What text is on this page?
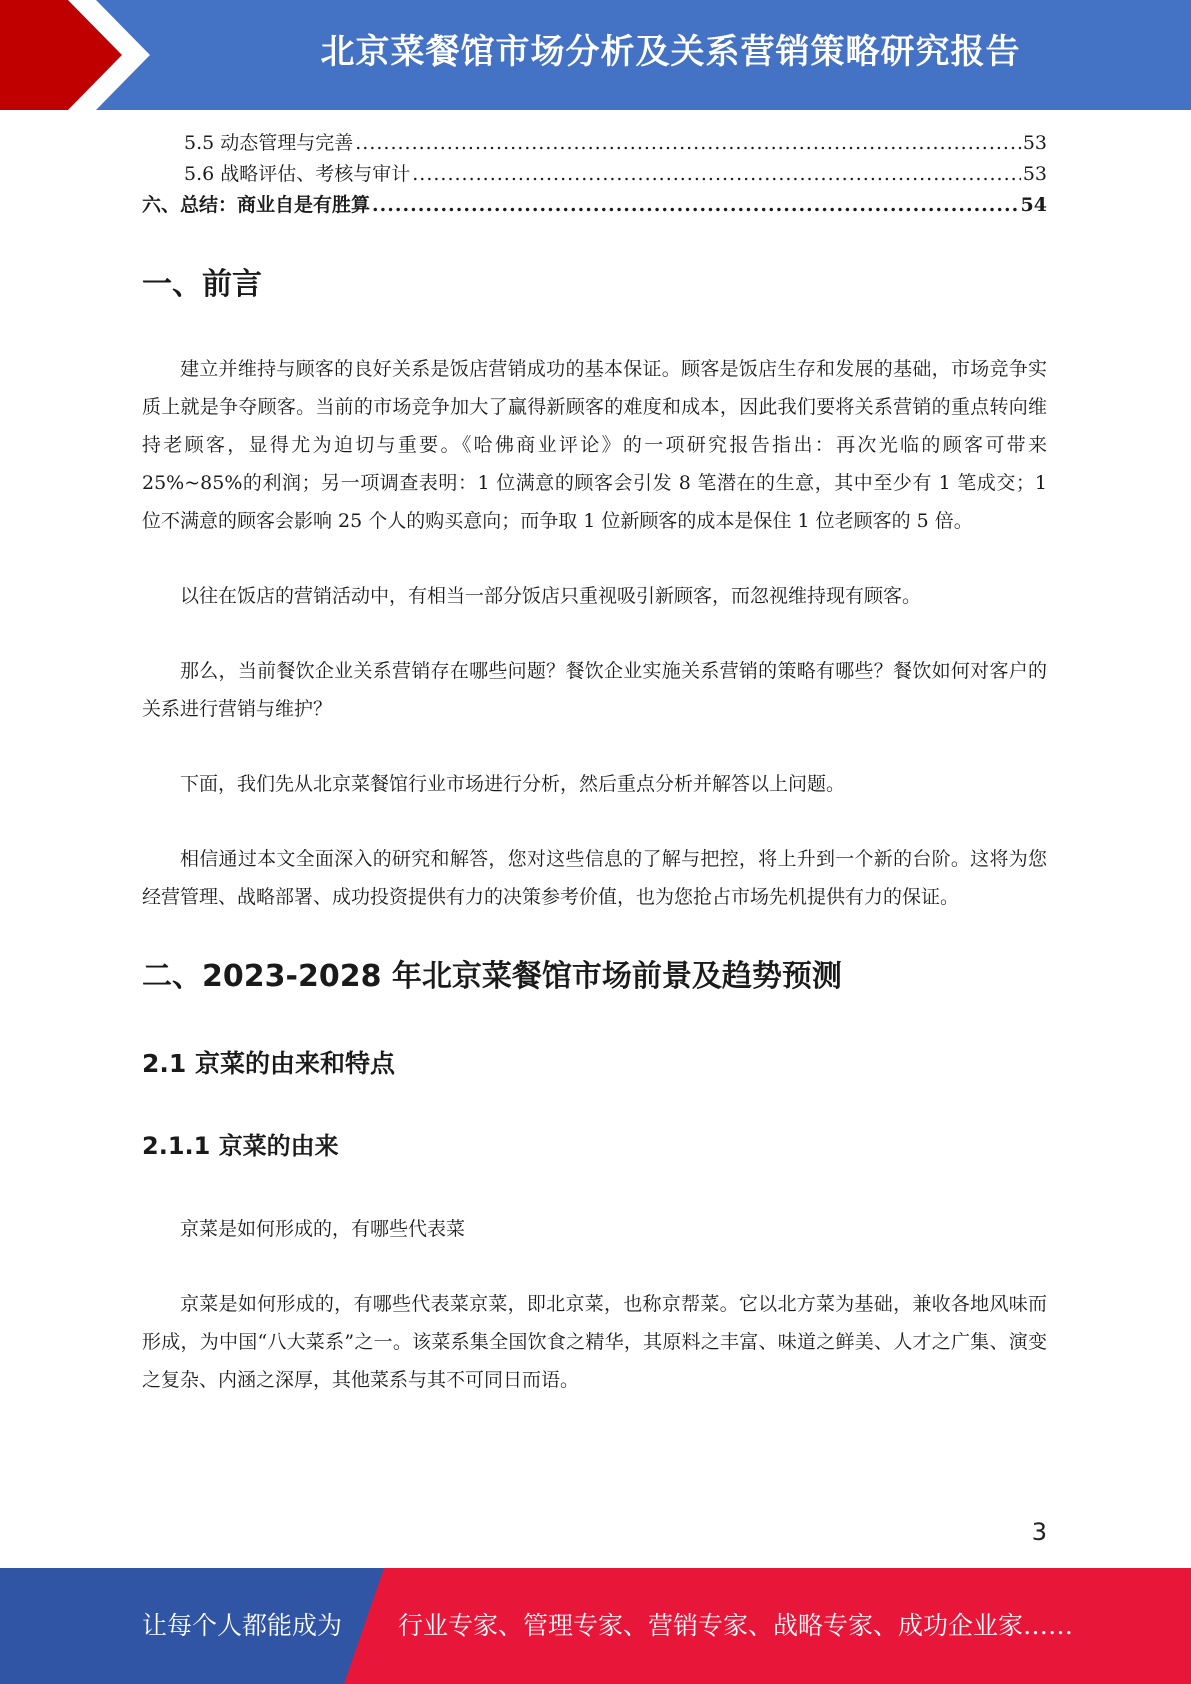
北京菜餐馆市场分析及关系营销策略研究报告
5.5 动态管理与完善 .....	53
5.6 战略评估、考核与审计 .....	53
六、总结：商业自是有胜算 .....	54
一、前言

建立并维持与顾客的良好关系是饭店营销成功的基本保证。顾客是饭店生存和发展的基础，市场竞争实质上就是争夺顾客。当前的市场竞争加大了赢得新顾客的难度和成本，因此我们要将关系营销的重点转向维持老顾客，显得尤为迫切与重要。《哈佛商业评论》的一项研究报告指出：再次光临的顾客可带来 25%~85%的利润；另一项调查表明：1 位满意的顾客会引发 8 笔潜在的生意，其中至少有 1 笔成交；1 位不满意的顾客会影响 25 个人的购买意向；而争取 1 位新顾客的成本是保住 1 位老顾客的 5 倍。

以往在饭店的营销活动中，有相当一部分饭店只重视吸引新顾客，而忽视维持现有顾客。

那么，当前餐饮企业关系营销存在哪些问题？餐饮企业实施关系营销的策略有哪些？餐饮如何对客户的关系进行营销与维护？

下面，我们先从北京菜餐馆行业市场进行分析，然后重点分析并解答以上问题。

相信通过本文全面深入的研究和解答，您对这些信息的了解与把控，将上升到一个新的台阶。这将为您经营管理、战略部署、成功投资提供有力的决策参考价值，也为您抢占市场先机提供有力的保证。

二、2023-2028 年北京菜餐馆市场前景及趋势预测
2.1 京菜的由来和特点
2.1.1 京菜的由来

京菜是如何形成的，有哪些代表菜

京菜是如何形成的，有哪些代表菜京菜，即北京菜，也称京帮菜。它以北方菜为基础，兼收各地风味而形成，为中国“八大菜系”之一。该菜系集全国饮食之精华，其原料之丰富、味道之鲜美、人才之广集、演变之复杂、内涵之深厚，其他菜系与其不可同日而语。

3
让每个人都能成为 行业专家、管理专家、营销专家、战略专家、成功企业家……
